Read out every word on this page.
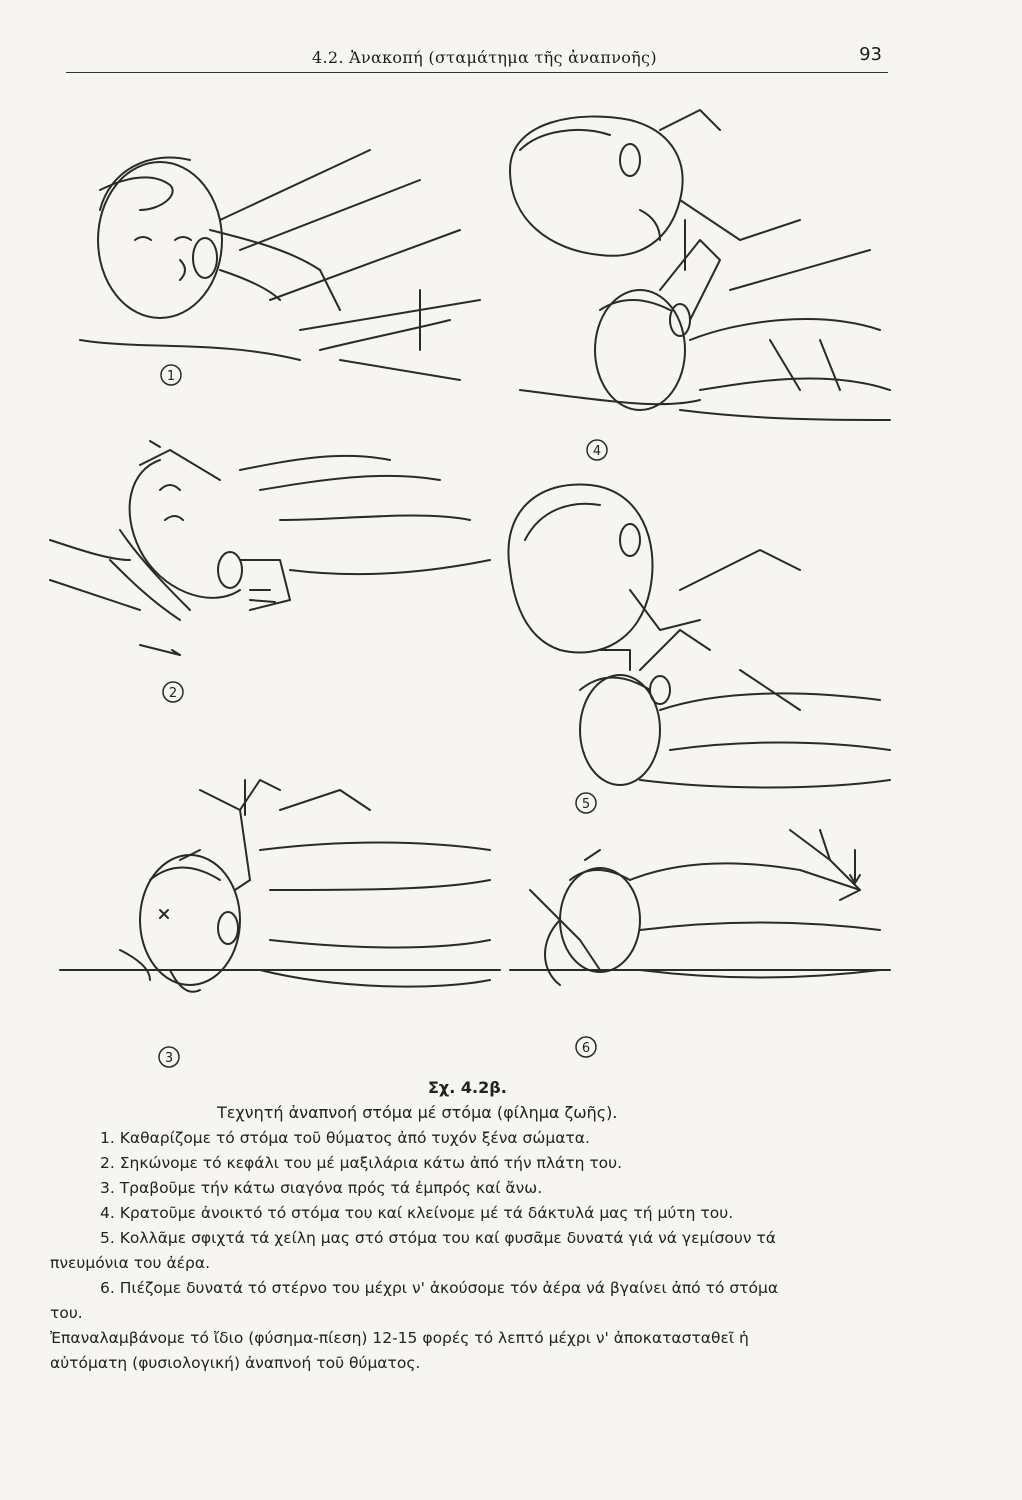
4.2. Ἀνακοπή (σταμάτημα τῆς ἀναπνοῆς)	93
1
4
2
5
3
6
Σχ. 4.2β.
Τεχνητή ἀναπνοή στόμα μέ στόμα (φίλημα ζωῆς).
1. Καθαρίζομε τό στόμα τοῦ θύματος ἀπό τυχόν ξένα σώματα.
2. Σηκώνομε τό κεφάλι του μέ μαξιλάρια κάτω ἀπό τήν πλάτη του.
3. Τραβοῦμε τήν κάτω σιαγόνα πρός τά ἐμπρός καί ἄνω.
4. Κρατοῦμε ἀνοικτό τό στόμα του καί κλείνομε μέ τά δάκτυλά μας τή μύτη του.
5. Κολλᾶμε σφιχτά τά χείλη μας στό στόμα του καί φυσᾶμε δυνατά γιά νά γεμίσουν τά
πνευμόνια του ἀέρα.
6. Πιέζομε δυνατά τό στέρνο του μέχρι ν' ἀκούσομε τόν ἀέρα νά βγαίνει ἀπό τό στόμα
του.
Ἐπαναλαμβάνομε τό ἴδιο (φύσημα-πίεση) 12-15 φορές τό λεπτό μέχρι ν' ἀποκατασταθεῖ ἡ
αὐτόματη (φυσιολογική) ἀναπνοή τοῦ θύματος.
